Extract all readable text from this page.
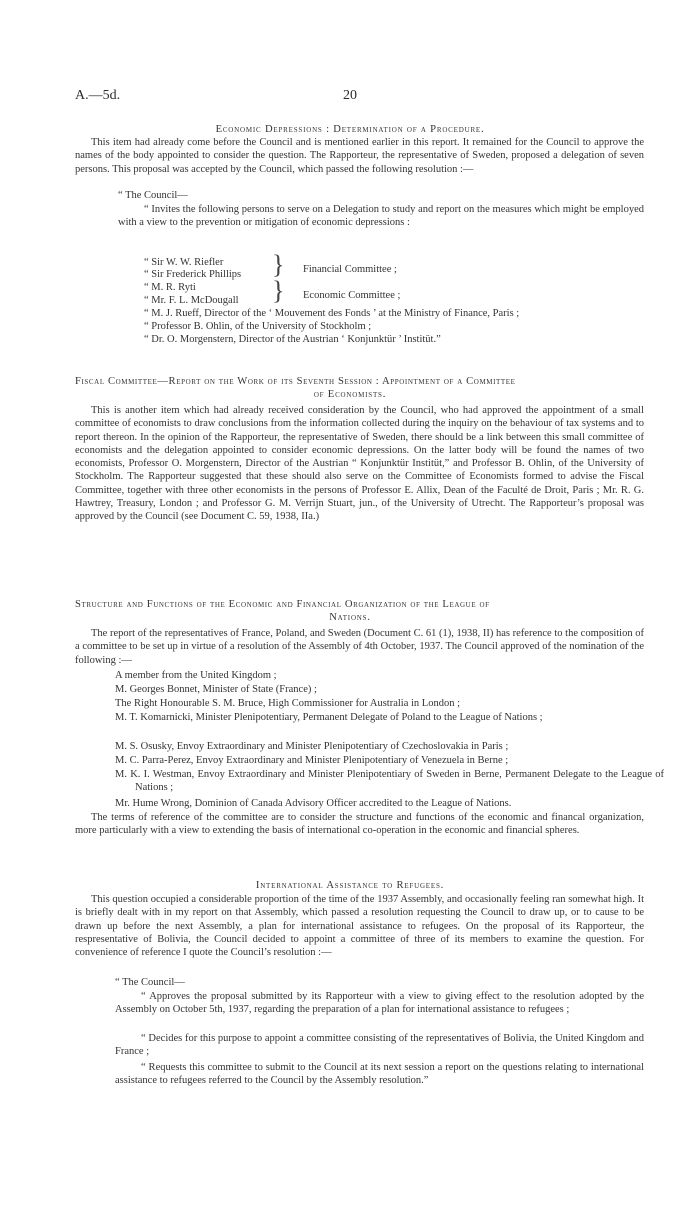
A.—5d.	20
Economic Depressions : Determination of a Procedure.

This item had already come before the Council and is mentioned earlier in this report. It remained for the Council to approve the names of the body appointed to consider the question. The Rapporteur, the representative of Sweden, proposed a delegation of seven persons. This proposal was accepted by the Council, which passed the following resolution :—

“ The Council—

“ Invites the following persons to serve on a Delegation to study and report on the measures which might be employed with a view to the prevention or mitigation of economic depressions :

“ Sir W. W. Riefler
“ Sir Frederick Phillips } Financial Committee ;
“ M. R. Ryti
“ Mr. F. L. McDougall } Economic Committee ;
“ M. J. Rueff, Director of the ‘ Mouvement des Fonds ’ at the Ministry of Finance, Paris ;
“ Professor B. Ohlin, of the University of Stockholm ;
“ Dr. O. Morgenstern, Director of the Austrian ‘ Konjunktür ’ Institüt.”
Fiscal Committee—Report on the Work of its Seventh Session : Appointment of a Committee
of Economists.

This is another item which had already received consideration by the Council, who had approved the appointment of a small committee of economists to draw conclusions from the information collected during the inquiry on the behaviour of tax systems and to report thereon. In the opinion of the Rapporteur, the representative of Sweden, there should be a link between this small committee of economists and the delegation appointed to consider economic depressions. On the latter body will be found the names of two economists, Professor O. Morgenstern, Director of the Austrian “ Konjunktür Institüt,” and Professor B. Ohlin, of the University of Stockholm. The Rapporteur suggested that these should also serve on the Committee of Economists formed to advise the Fiscal Committee, together with three other economists in the persons of Professor E. Allix, Dean of the Faculté de Droit, Paris ; Mr. R. G. Hawtrey, Treasury, London ; and Professor G. M. Verrijn Stuart, jun., of the University of Utrecht. The Rapporteur’s proposal was approved by the Council (see Document C. 59, 1938, IIa.)

Structure and Functions of the Economic and Financial Organization of the League of
Nations.

The report of the representatives of France, Poland, and Sweden (Document C. 61 (1), 1938, II) has reference to the composition of a committee to be set up in virtue of a resolution of the Assembly of 4th October, 1937. The Council approved of the nomination of the following :—

A member from the United Kingdom ;
M. Georges Bonnet, Minister of State (France) ;
The Right Honourable S. M. Bruce, High Commissioner for Australia in London ;

M. T. Komarnicki, Minister Plenipotentiary, Permanent Delegate of Poland to the League of Nations ;

M. S. Osusky, Envoy Extraordinary and Minister Plenipotentiary of Czechoslovakia in Paris ;
M. C. Parra-Perez, Envoy Extraordinary and Minister Plenipotentiary of Venezuela in Berne ;

M. K. I. Westman, Envoy Extraordinary and Minister Plenipotentiary of Sweden in Berne, Permanent Delegate to the League of Nations ;

Mr. Hume Wrong, Dominion of Canada Advisory Officer accredited to the League of Nations.

The terms of reference of the committee are to consider the structure and functions of the economic and financal organization, more particularly with a view to extending the basis of international co-operation in the economic and financial spheres.

International Assistance to Refugees.

This question occupied a considerable proportion of the time of the 1937 Assembly, and occasionally feeling ran somewhat high. It is briefly dealt with in my report on that Assembly, which passed a resolution requesting the Council to draw up, or to cause to be drawn up before the next Assembly, a plan for international assistance to refugees. On the proposal of its Rapporteur, the respresentative of Bolivia, the Council decided to appoint a committee of three of its members to examine the question. For convenience of reference I quote the Council’s resolution :—

“ The Council—

“ Approves the proposal submitted by its Rapporteur with a view to giving effect to the resolution adopted by the Assembly on October 5th, 1937, regarding the preparation of a plan for international assistance to refugees ;

“ Decides for this purpose to appoint a committee consisting of the representatives of Bolivia, the United Kingdom and France ;

“ Requests this committee to submit to the Council at its next session a report on the questions relating to international assistance to refugees referred to the Council by the Assembly resolution.”
